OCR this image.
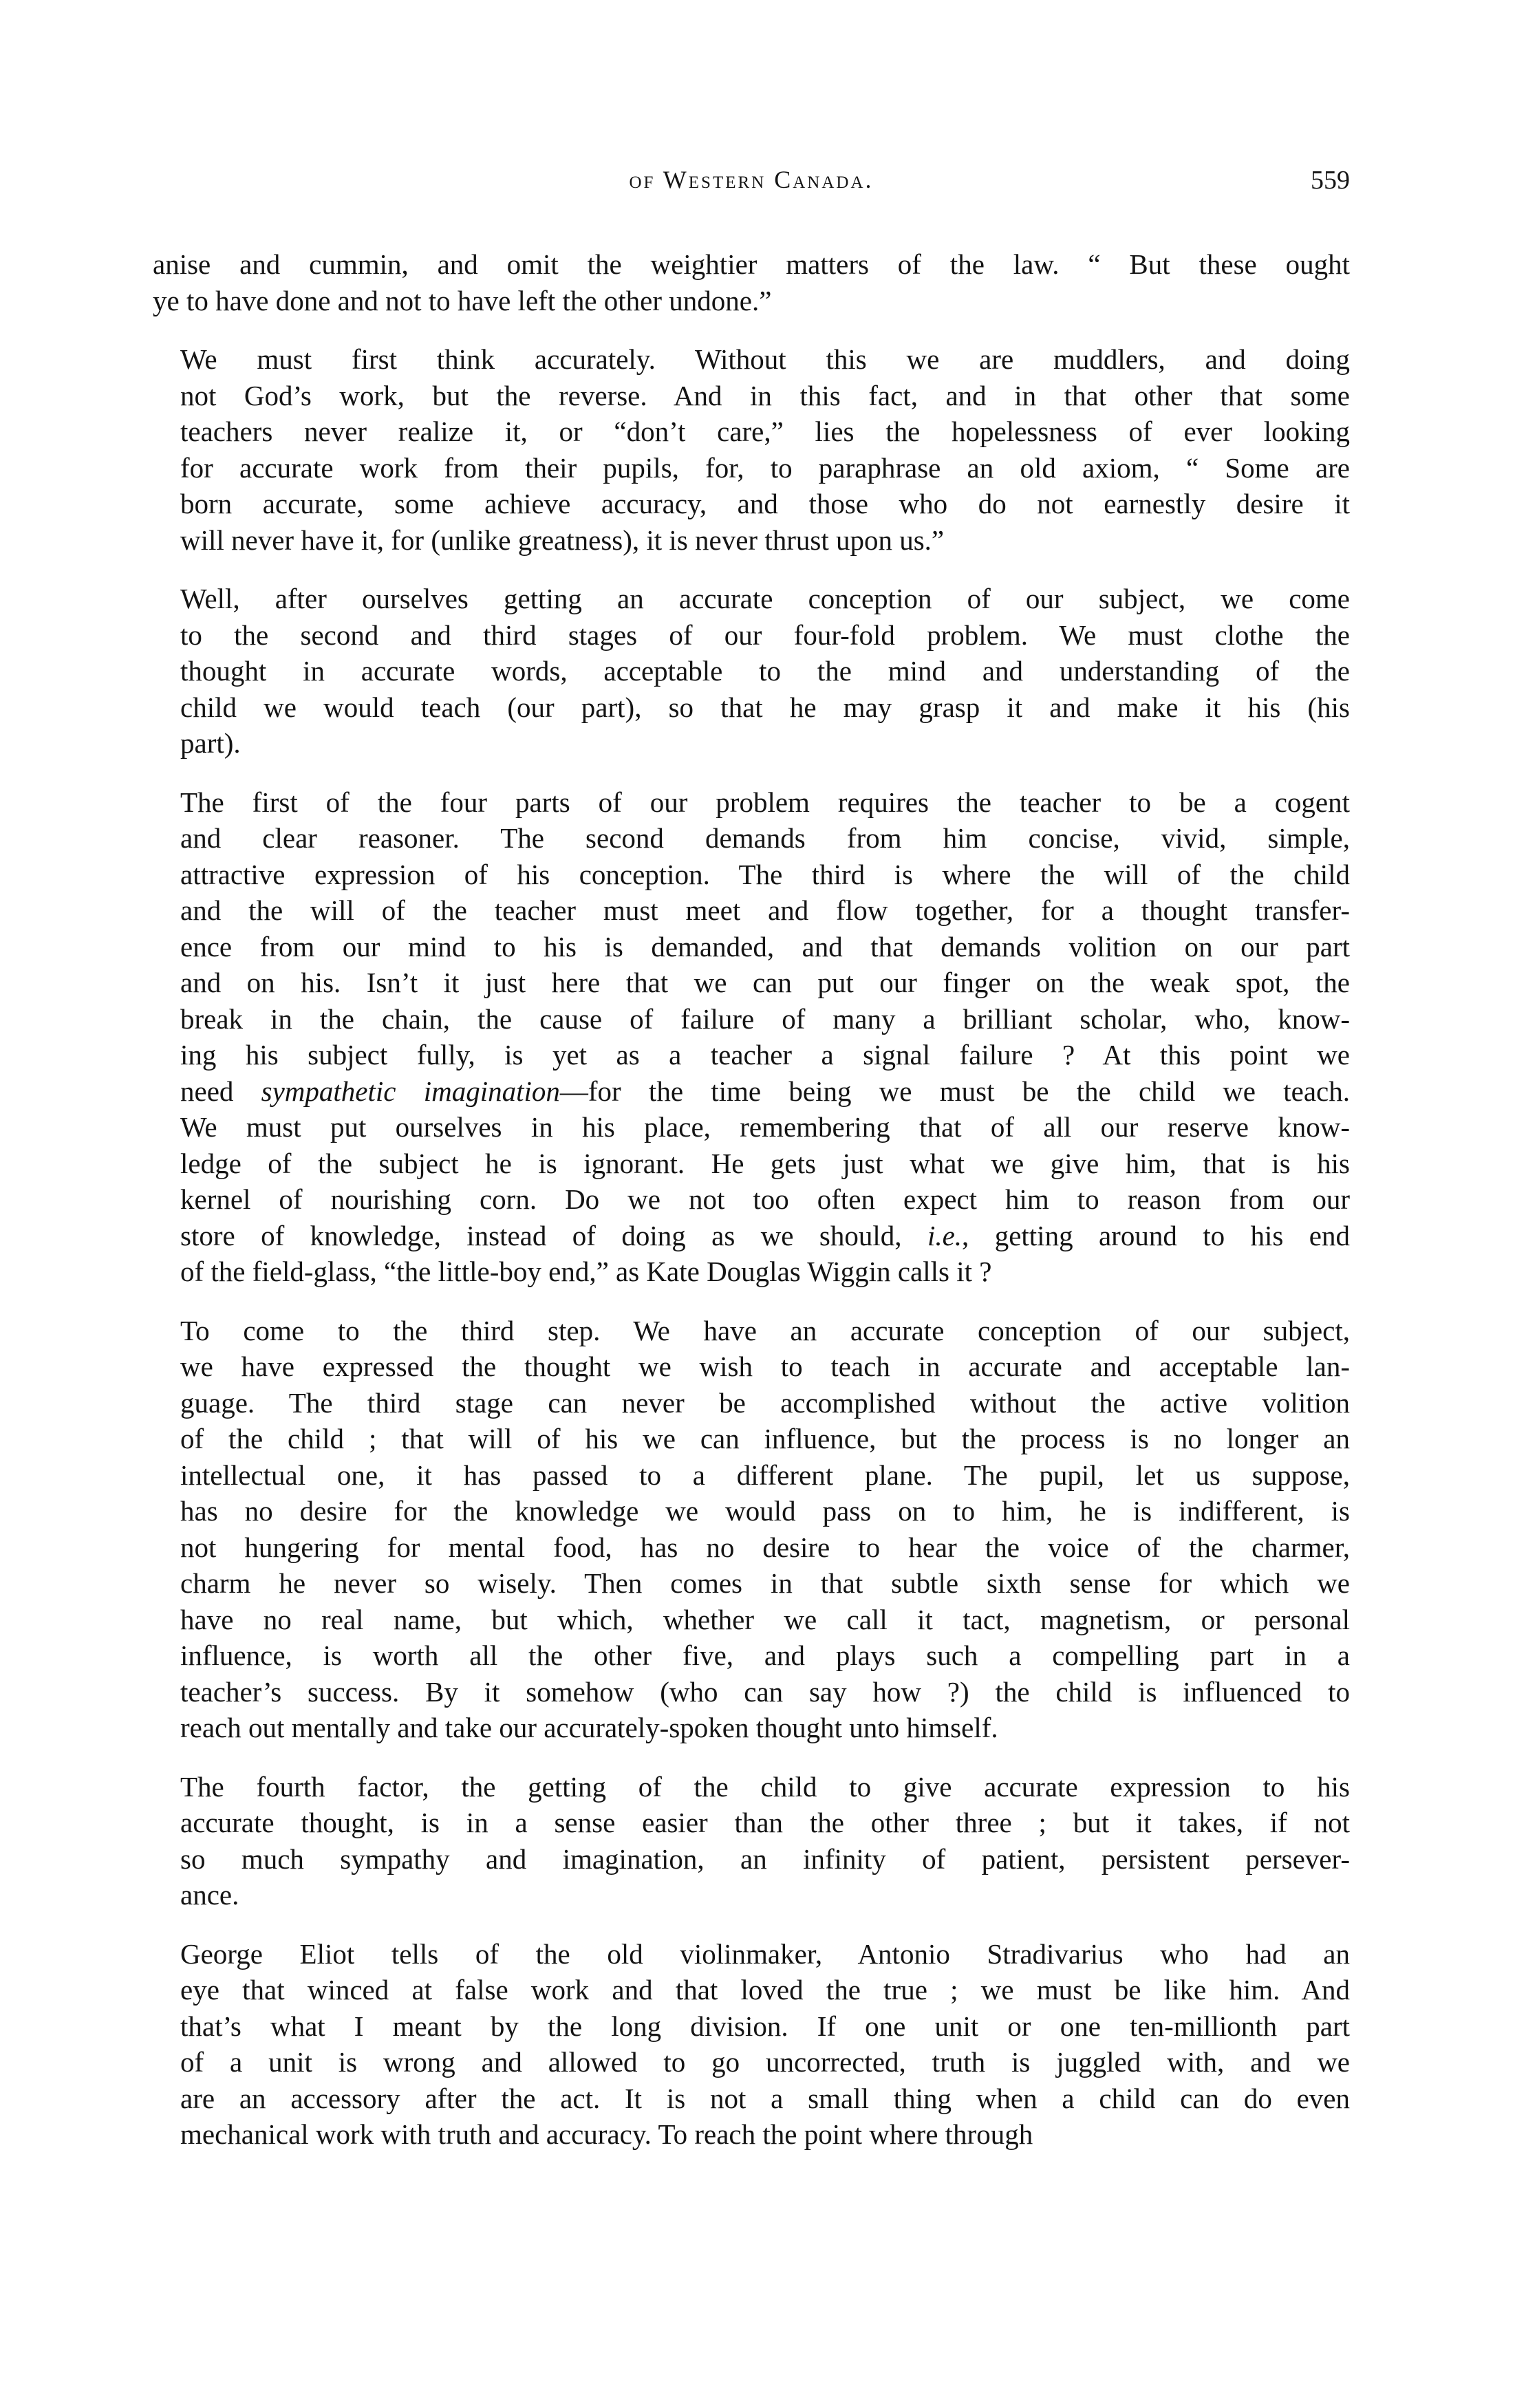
of Western Canada.	559
anise and cummin, and omit the weightier matters of the law. “ But these ought
ye to have done and not to have left the other undone.”
We must first think accurately. Without this we are muddlers, and doing
not God’s work, but the reverse. And in this fact, and in that other that some
teachers never realize it, or “don’t care,” lies the hopelessness of ever looking
for accurate work from their pupils, for, to paraphrase an old axiom, “ Some are
born accurate, some achieve accuracy, and those who do not earnestly desire it
will never have it, for (unlike greatness), it is never thrust upon us.”
Well, after ourselves getting an accurate conception of our subject, we come
to the second and third stages of our four-fold problem. We must clothe the
thought in accurate words, acceptable to the mind and understanding of the
child we would teach (our part), so that he may grasp it and make it his (his
part).
The first of the four parts of our problem requires the teacher to be a cogent
and clear reasoner. The second demands from him concise, vivid, simple,
attractive expression of his conception. The third is where the will of the child
and the will of the teacher must meet and flow together, for a thought transfer-
ence from our mind to his is demanded, and that demands volition on our part
and on his. Isn’t it just here that we can put our finger on the weak spot, the
break in the chain, the cause of failure of many a brilliant scholar, who, know-
ing his subject fully, is yet as a teacher a signal failure ? At this point we
need sympathetic imagination—for the time being we must be the child we teach.
We must put ourselves in his place, remembering that of all our reserve know-
ledge of the subject he is ignorant. He gets just what we give him, that is his
kernel of nourishing corn. Do we not too often expect him to reason from our
store of knowledge, instead of doing as we should, i.e., getting around to his end
of the field-glass, “the little-boy end,” as Kate Douglas Wiggin calls it ?
To come to the third step. We have an accurate conception of our subject,
we have expressed the thought we wish to teach in accurate and acceptable lan-
guage. The third stage can never be accomplished without the active volition
of the child ; that will of his we can influence, but the process is no longer an
intellectual one, it has passed to a different plane. The pupil, let us suppose,
has no desire for the knowledge we would pass on to him, he is indifferent, is
not hungering for mental food, has no desire to hear the voice of the charmer,
charm he never so wisely. Then comes in that subtle sixth sense for which we
have no real name, but which, whether we call it tact, magnetism, or personal
influence, is worth all the other five, and plays such a compelling part in a
teacher’s success. By it somehow (who can say how ?) the child is influenced to
reach out mentally and take our accurately-spoken thought unto himself.
The fourth factor, the getting of the child to give accurate expression to his
accurate thought, is in a sense easier than the other three ; but it takes, if not
so much sympathy and imagination, an infinity of patient, persistent persever-
ance.
George Eliot tells of the old violinmaker, Antonio Stradivarius who had an
eye that winced at false work and that loved the true ; we must be like him. And
that’s what I meant by the long division. If one unit or one ten-millionth part
of a unit is wrong and allowed to go uncorrected, truth is juggled with, and we
are an accessory after the act. It is not a small thing when a child can do even
mechanical work with truth and accuracy. To reach the point where through
